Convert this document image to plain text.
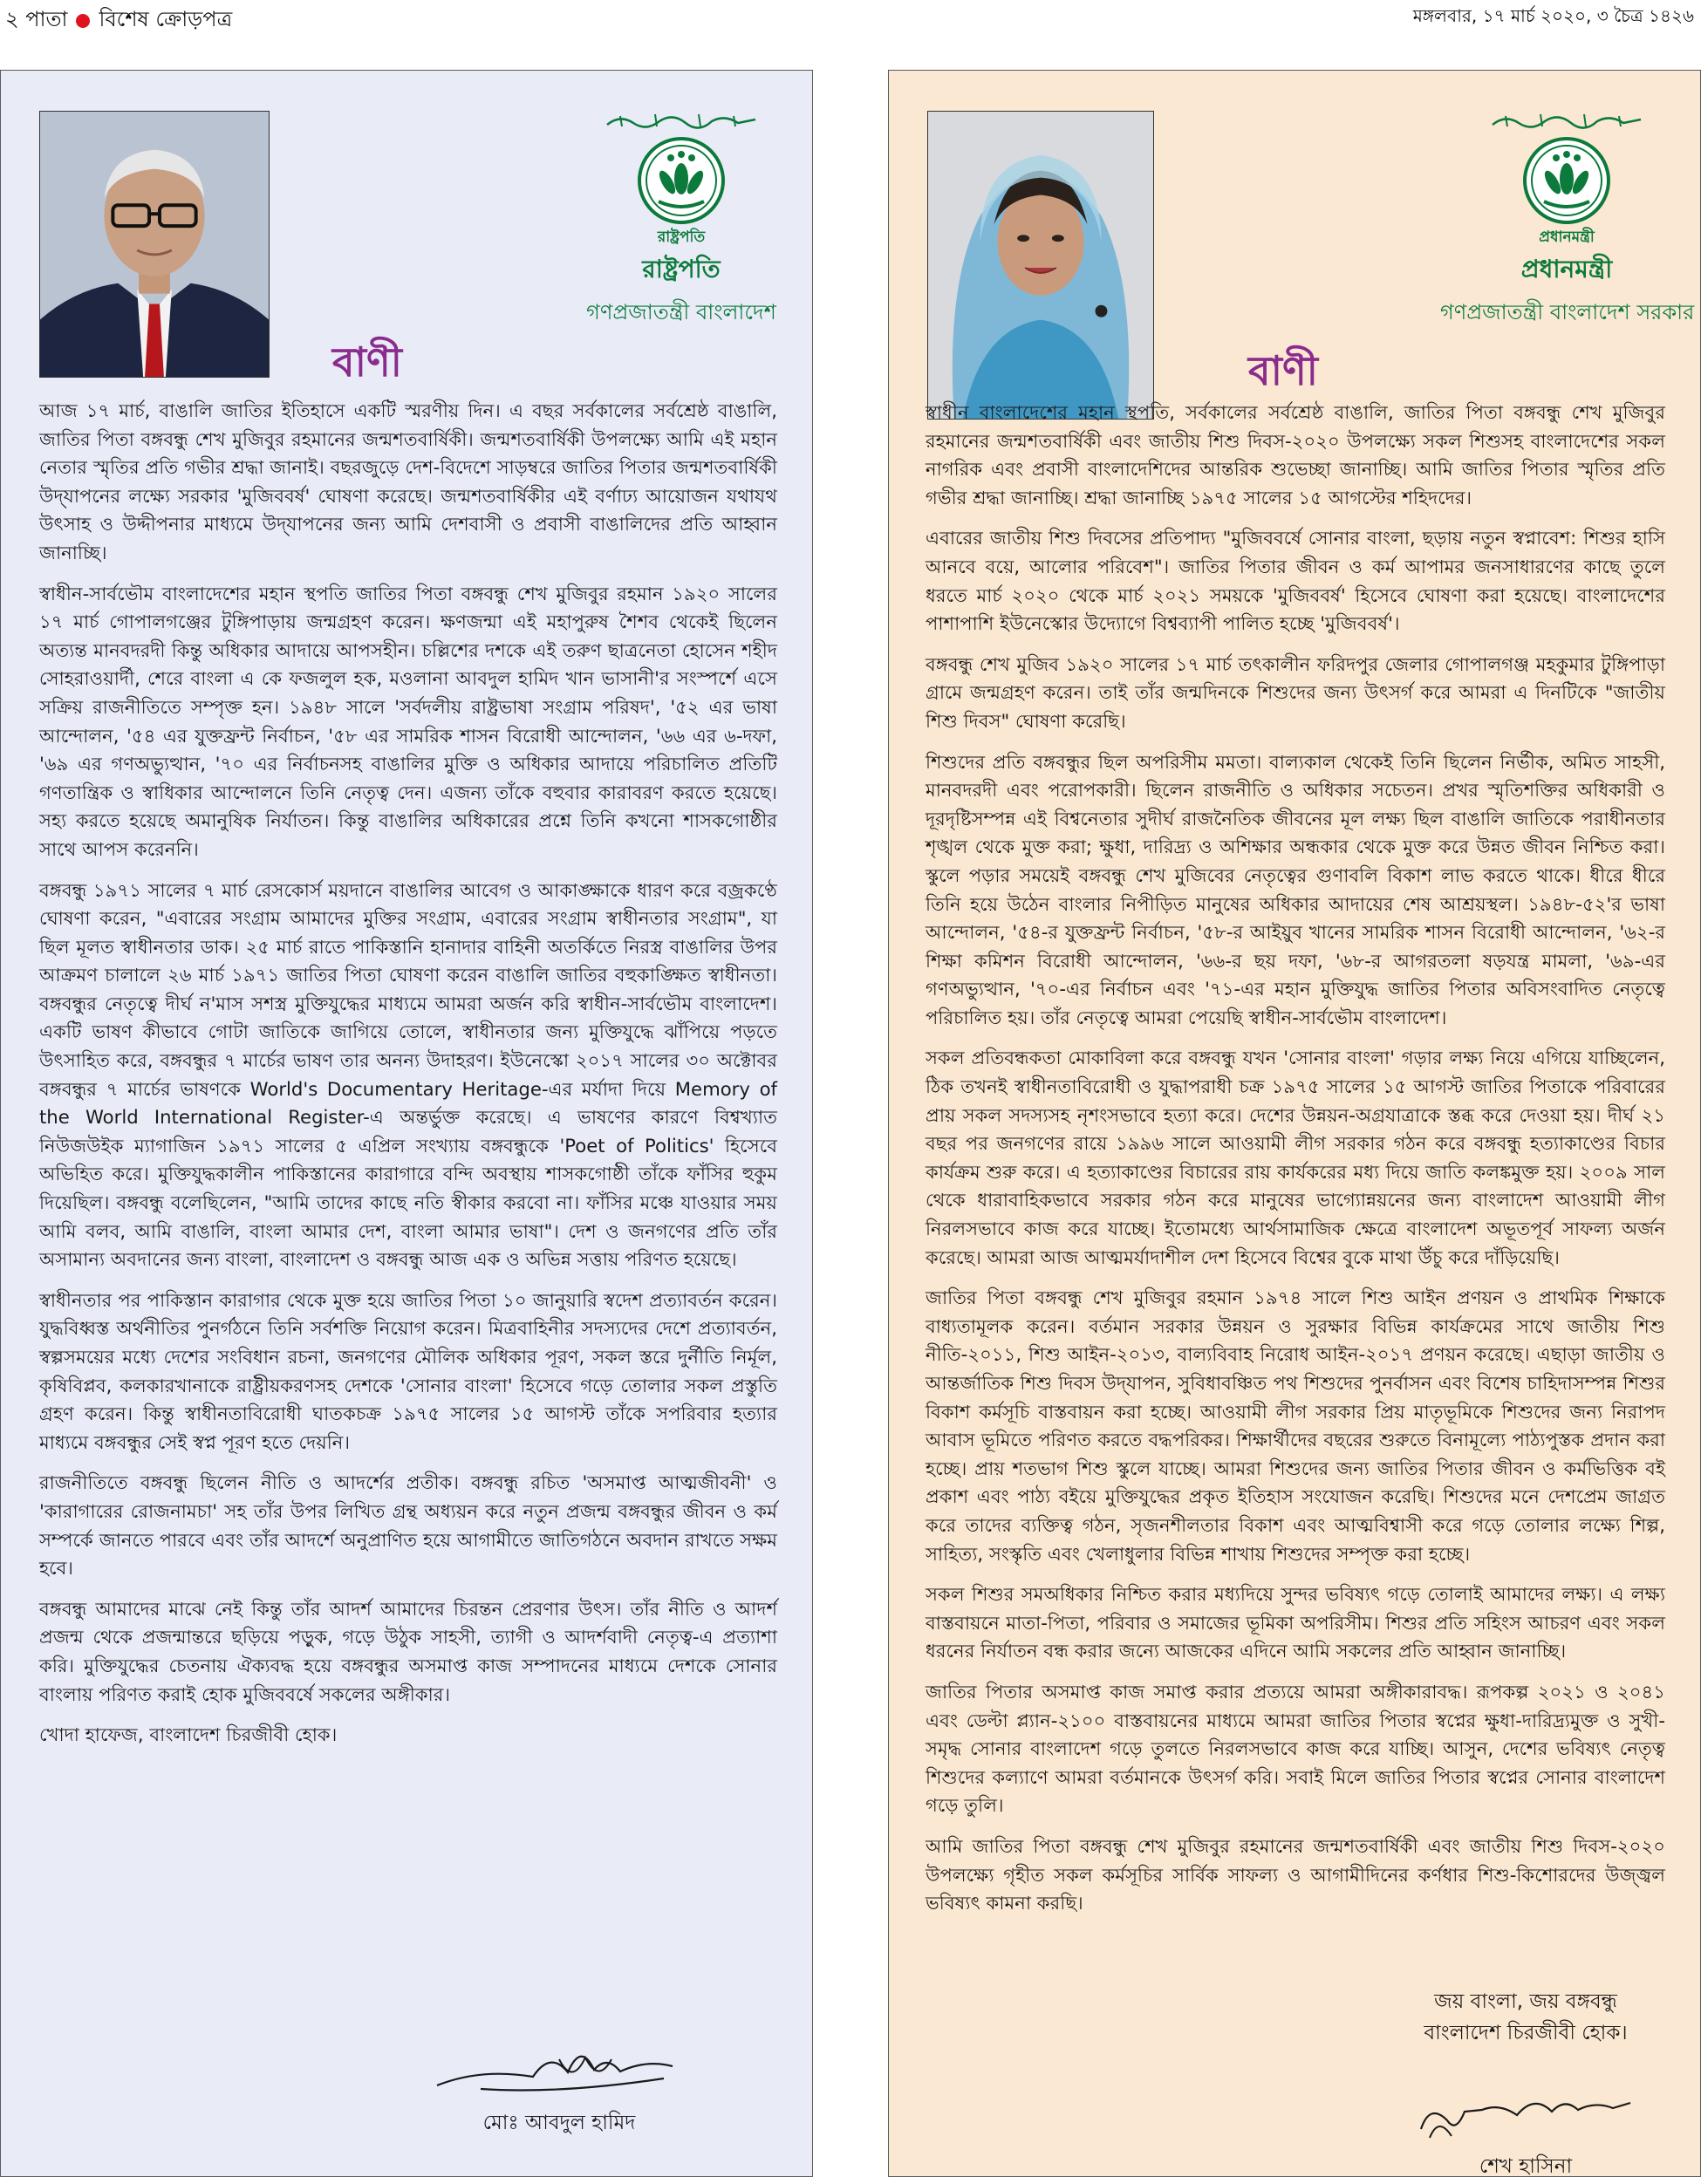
২ পাতা বিশেষ ক্রোড়পত্র	মঙ্গলবার, ১৭ মার্চ ২০২০, ৩ চৈত্র ১৪২৬
রাষ্ট্রপতি
রাষ্ট্রপতি
গণপ্রজাতন্ত্রী বাংলাদেশ
বাণী

আজ ১৭ মার্চ, বাঙালি জাতির ইতিহাসে একটি স্মরণীয় দিন। এ বছর সর্বকালের সর্বশ্রেষ্ঠ বাঙালি, জাতির পিতা বঙ্গবন্ধু শেখ মুজিবুর রহমানের জন্মশতবার্ষিকী। জন্মশতবার্ষিকী উপলক্ষ্যে আমি এই মহান নেতার স্মৃতির প্রতি গভীর শ্রদ্ধা জানাই। বছরজুড়ে দেশ-বিদেশে সাড়ম্বরে জাতির পিতার জন্মশতবার্ষিকী উদ্‌যাপনের লক্ষ্যে সরকার 'মুজিববর্ষ' ঘোষণা করেছে। জন্মশতবার্ষিকীর এই বর্ণাঢ্য আয়োজন যথাযথ উৎসাহ ও উদ্দীপনার মাধ্যমে উদ্‌যাপনের জন্য আমি দেশবাসী ও প্রবাসী বাঙালিদের প্রতি আহ্বান জানাচ্ছি।

স্বাধীন-সার্বভৌম বাংলাদেশের মহান স্থপতি জাতির পিতা বঙ্গবন্ধু শেখ মুজিবুর রহমান ১৯২০ সালের ১৭ মার্চ গোপালগঞ্জের টুঙ্গিপাড়ায় জন্মগ্রহণ করেন। ক্ষণজন্মা এই মহাপুরুষ শৈশব থেকেই ছিলেন অত্যন্ত মানবদরদী কিন্তু অধিকার আদায়ে আপসহীন। চল্লিশের দশকে এই তরুণ ছাত্রনেতা হোসেন শহীদ সোহরাওয়ার্দী, শেরে বাংলা এ কে ফজলুল হক, মওলানা আবদুল হামিদ খান ভাসানী'র সংস্পর্শে এসে সক্রিয় রাজনীতিতে সম্পৃক্ত হন। ১৯৪৮ সালে 'সর্বদলীয় রাষ্ট্রভাষা সংগ্রাম পরিষদ', '৫২ এর ভাষা আন্দোলন, '৫৪ এর যুক্তফ্রন্ট নির্বাচন, '৫৮ এর সামরিক শাসন বিরোধী আন্দোলন, '৬৬ এর ৬-দফা, '৬৯ এর গণঅভ্যুত্থান, '৭০ এর নির্বাচনসহ বাঙালির মুক্তি ও অধিকার আদায়ে পরিচালিত প্রতিটি গণতান্ত্রিক ও স্বাধিকার আন্দোলনে তিনি নেতৃত্ব দেন। এজন্য তাঁকে বহুবার কারাবরণ করতে হয়েছে। সহ্য করতে হয়েছে অমানুষিক নির্যাতন। কিন্তু বাঙালির অধিকারের প্রশ্নে তিনি কখনো শাসকগোষ্ঠীর সাথে আপস করেননি।

বঙ্গবন্ধু ১৯৭১ সালের ৭ মার্চ রেসকোর্স ময়দানে বাঙালির আবেগ ও আকাঙ্ক্ষাকে ধারণ করে বজ্রকণ্ঠে ঘোষণা করেন, "এবারের সংগ্রাম আমাদের মুক্তির সংগ্রাম, এবারের সংগ্রাম স্বাধীনতার সংগ্রাম", যা ছিল মূলত স্বাধীনতার ডাক। ২৫ মার্চ রাতে পাকিস্তানি হানাদার বাহিনী অতর্কিতে নিরস্ত্র বাঙালির উপর আক্রমণ চালালে ২৬ মার্চ ১৯৭১ জাতির পিতা ঘোষণা করেন বাঙালি জাতির বহুকাঙ্ক্ষিত স্বাধীনতা। বঙ্গবন্ধুর নেতৃত্বে দীর্ঘ ন'মাস সশস্ত্র মুক্তিযুদ্ধের মাধ্যমে আমরা অর্জন করি স্বাধীন-সার্বভৌম বাংলাদেশ। একটি ভাষণ কীভাবে গোটা জাতিকে জাগিয়ে তোলে, স্বাধীনতার জন্য মুক্তিযুদ্ধে ঝাঁপিয়ে পড়তে উৎসাহিত করে, বঙ্গবন্ধুর ৭ মার্চের ভাষণ তার অনন্য উদাহরণ। ইউনেস্কো ২০১৭ সালের ৩০ অক্টোবর বঙ্গবন্ধুর ৭ মার্চের ভাষণকে World's Documentary Heritage-এর মর্যাদা দিয়ে Memory of the World International Register-এ অন্তর্ভুক্ত করেছে। এ ভাষণের কারণে বিশ্বখ্যাত নিউজউইক ম্যাগাজিন ১৯৭১ সালের ৫ এপ্রিল সংখ্যায় বঙ্গবন্ধুকে 'Poet of Politics' হিসেবে অভিহিত করে। মুক্তিযুদ্ধকালীন পাকিস্তানের কারাগারে বন্দি অবস্থায় শাসকগোষ্ঠী তাঁকে ফাঁসির হুকুম দিয়েছিল। বঙ্গবন্ধু বলেছিলেন, "আমি তাদের কাছে নতি স্বীকার করবো না। ফাঁসির মঞ্চে যাওয়ার সময় আমি বলব, আমি বাঙালি, বাংলা আমার দেশ, বাংলা আমার ভাষা"। দেশ ও জনগণের প্রতি তাঁর অসামান্য অবদানের জন্য বাংলা, বাংলাদেশ ও বঙ্গবন্ধু আজ এক ও অভিন্ন সত্তায় পরিণত হয়েছে।

স্বাধীনতার পর পাকিস্তান কারাগার থেকে মুক্ত হয়ে জাতির পিতা ১০ জানুয়ারি স্বদেশ প্রত্যাবর্তন করেন। যুদ্ধবিধ্বস্ত অর্থনীতির পুনর্গঠনে তিনি সর্বশক্তি নিয়োগ করেন। মিত্রবাহিনীর সদস্যদের দেশে প্রত্যাবর্তন, স্বল্পসময়ের মধ্যে দেশের সংবিধান রচনা, জনগণের মৌলিক অধিকার পূরণ, সকল স্তরে দুর্নীতি নির্মূল, কৃষিবিপ্লব, কলকারখানাকে রাষ্ট্রীয়করণসহ দেশকে 'সোনার বাংলা' হিসেবে গড়ে তোলার সকল প্রস্তুতি গ্রহণ করেন। কিন্তু স্বাধীনতাবিরোধী ঘাতকচক্র ১৯৭৫ সালের ১৫ আগস্ট তাঁকে সপরিবার হত্যার মাধ্যমে বঙ্গবন্ধুর সেই স্বপ্ন পূরণ হতে দেয়নি।

রাজনীতিতে বঙ্গবন্ধু ছিলেন নীতি ও আদর্শের প্রতীক। বঙ্গবন্ধু রচিত 'অসমাপ্ত আত্মজীবনী' ও 'কারাগারের রোজনামচা' সহ তাঁর উপর লিখিত গ্রন্থ অধ্যয়ন করে নতুন প্রজন্ম বঙ্গবন্ধুর জীবন ও কর্ম সম্পর্কে জানতে পারবে এবং তাঁর আদর্শে অনুপ্রাণিত হয়ে আগামীতে জাতিগঠনে অবদান রাখতে সক্ষম হবে।

বঙ্গবন্ধু আমাদের মাঝে নেই কিন্তু তাঁর আদর্শ আমাদের চিরন্তন প্রেরণার উৎস। তাঁর নীতি ও আদর্শ প্রজন্ম থেকে প্রজন্মান্তরে ছড়িয়ে পড়ুক, গড়ে উঠুক সাহসী, ত্যাগী ও আদর্শবাদী নেতৃত্ব-এ প্রত্যাশা করি। মুক্তিযুদ্ধের চেতনায় ঐক্যবদ্ধ হয়ে বঙ্গবন্ধুর অসমাপ্ত কাজ সম্পাদনের মাধ্যমে দেশকে সোনার বাংলায় পরিণত করাই হোক মুজিববর্ষে সকলের অঙ্গীকার।

খোদা হাফেজ, বাংলাদেশ চিরজীবী হোক।

মোঃ আবদুল হামিদ
প্রধানমন্ত্রী
প্রধানমন্ত্রী
গণপ্রজাতন্ত্রী বাংলাদেশ সরকার
বাণী

স্বাধীন বাংলাদেশের মহান স্থপতি, সর্বকালের সর্বশ্রেষ্ঠ বাঙালি, জাতির পিতা বঙ্গবন্ধু শেখ মুজিবুর রহমানের জন্মশতবার্ষিকী এবং জাতীয় শিশু দিবস-২০২০ উপলক্ষ্যে সকল শিশুসহ বাংলাদেশের সকল নাগরিক এবং প্রবাসী বাংলাদেশিদের আন্তরিক শুভেচ্ছা জানাচ্ছি। আমি জাতির পিতার স্মৃতির প্রতি গভীর শ্রদ্ধা জানাচ্ছি। শ্রদ্ধা জানাচ্ছি ১৯৭৫ সালের ১৫ আগস্টের শহিদদের।

এবারের জাতীয় শিশু দিবসের প্রতিপাদ্য "মুজিববর্ষে সোনার বাংলা, ছড়ায় নতুন স্বপ্নাবেশ: শিশুর হাসি আনবে বয়ে, আলোর পরিবেশ"। জাতির পিতার জীবন ও কর্ম আপামর জনসাধারণের কাছে তুলে ধরতে মার্চ ২০২০ থেকে মার্চ ২০২১ সময়কে 'মুজিববর্ষ' হিসেবে ঘোষণা করা হয়েছে। বাংলাদেশের পাশাপাশি ইউনেস্কোর উদ্যোগে বিশ্বব্যাপী পালিত হচ্ছে 'মুজিববর্ষ'।

বঙ্গবন্ধু শেখ মুজিব ১৯২০ সালের ১৭ মার্চ তৎকালীন ফরিদপুর জেলার গোপালগঞ্জ মহকুমার টুঙ্গিপাড়া গ্রামে জন্মগ্রহণ করেন। তাই তাঁর জন্মদিনকে শিশুদের জন্য উৎসর্গ করে আমরা এ দিনটিকে "জাতীয় শিশু দিবস" ঘোষণা করেছি।

শিশুদের প্রতি বঙ্গবন্ধুর ছিল অপরিসীম মমতা। বাল্যকাল থেকেই তিনি ছিলেন নির্ভীক, অমিত সাহসী, মানবদরদী এবং পরোপকারী। ছিলেন রাজনীতি ও অধিকার সচেতন। প্রখর স্মৃতিশক্তির অধিকারী ও দূরদৃষ্টিসম্পন্ন এই বিশ্বনেতার সুদীর্ঘ রাজনৈতিক জীবনের মূল লক্ষ্য ছিল বাঙালি জাতিকে পরাধীনতার শৃঙ্খল থেকে মুক্ত করা; ক্ষুধা, দারিদ্র্য ও অশিক্ষার অন্ধকার থেকে মুক্ত করে উন্নত জীবন নিশ্চিত করা। স্কুলে পড়ার সময়েই বঙ্গবন্ধু শেখ মুজিবের নেতৃত্বের গুণাবলি বিকাশ লাভ করতে থাকে। ধীরে ধীরে তিনি হয়ে উঠেন বাংলার নিপীড়িত মানুষের অধিকার আদায়ের শেষ আশ্রয়স্থল। ১৯৪৮-৫২'র ভাষা আন্দোলন, '৫৪-র যুক্তফ্রন্ট নির্বাচন, '৫৮-র আইয়ুব খানের সামরিক শাসন বিরোধী আন্দোলন, '৬২-র শিক্ষা কমিশন বিরোধী আন্দোলন, '৬৬-র ছয় দফা, '৬৮-র আগরতলা ষড়যন্ত্র মামলা, '৬৯-এর গণঅভ্যুত্থান, '৭০-এর নির্বাচন এবং '৭১-এর মহান মুক্তিযুদ্ধ জাতির পিতার অবিসংবাদিত নেতৃত্বে পরিচালিত হয়। তাঁর নেতৃত্বে আমরা পেয়েছি স্বাধীন-সার্বভৌম বাংলাদেশ।

সকল প্রতিবন্ধকতা মোকাবিলা করে বঙ্গবন্ধু যখন 'সোনার বাংলা' গড়ার লক্ষ্য নিয়ে এগিয়ে যাচ্ছিলেন, ঠিক তখনই স্বাধীনতাবিরোধী ও যুদ্ধাপরাধী চক্র ১৯৭৫ সালের ১৫ আগস্ট জাতির পিতাকে পরিবারের প্রায় সকল সদস্যসহ নৃশংসভাবে হত্যা করে। দেশের উন্নয়ন-অগ্রযাত্রাকে স্তব্ধ করে দেওয়া হয়। দীর্ঘ ২১ বছর পর জনগণের রায়ে ১৯৯৬ সালে আওয়ামী লীগ সরকার গঠন করে বঙ্গবন্ধু হত্যাকাণ্ডের বিচার কার্যক্রম শুরু করে। এ হত্যাকাণ্ডের বিচারের রায় কার্যকরের মধ্য দিয়ে জাতি কলঙ্কমুক্ত হয়। ২০০৯ সাল থেকে ধারাবাহিকভাবে সরকার গঠন করে মানুষের ভাগ্যোন্নয়নের জন্য বাংলাদেশ আওয়ামী লীগ নিরলসভাবে কাজ করে যাচ্ছে। ইতোমধ্যে আর্থসামাজিক ক্ষেত্রে বাংলাদেশ অভূতপূর্ব সাফল্য অর্জন করেছে। আমরা আজ আত্মমর্যাদাশীল দেশ হিসেবে বিশ্বের বুকে মাথা উঁচু করে দাঁড়িয়েছি।

জাতির পিতা বঙ্গবন্ধু শেখ মুজিবুর রহমান ১৯৭৪ সালে শিশু আইন প্রণয়ন ও প্রাথমিক শিক্ষাকে বাধ্যতামূলক করেন। বর্তমান সরকার উন্নয়ন ও সুরক্ষার বিভিন্ন কার্যক্রমের সাথে জাতীয় শিশু নীতি-২০১১, শিশু আইন-২০১৩, বাল্যবিবাহ নিরোধ আইন-২০১৭ প্রণয়ন করেছে। এছাড়া জাতীয় ও আন্তর্জাতিক শিশু দিবস উদ্‌যাপন, সুবিধাবঞ্চিত পথ শিশুদের পুনর্বাসন এবং বিশেষ চাহিদাসম্পন্ন শিশুর বিকাশ কর্মসূচি বাস্তবায়ন করা হচ্ছে। আওয়ামী লীগ সরকার প্রিয় মাতৃভূমিকে শিশুদের জন্য নিরাপদ আবাস ভূমিতে পরিণত করতে বদ্ধপরিকর। শিক্ষার্থীদের বছরের শুরুতে বিনামূল্যে পাঠ্যপুস্তক প্রদান করা হচ্ছে। প্রায় শতভাগ শিশু স্কুলে যাচ্ছে। আমরা শিশুদের জন্য জাতির পিতার জীবন ও কর্মভিত্তিক বই প্রকাশ এবং পাঠ্য বইয়ে মুক্তিযুদ্ধের প্রকৃত ইতিহাস সংযোজন করেছি। শিশুদের মনে দেশপ্রেম জাগ্রত করে তাদের ব্যক্তিত্ব গঠন, সৃজনশীলতার বিকাশ এবং আত্মবিশ্বাসী করে গড়ে তোলার লক্ষ্যে শিল্প, সাহিত্য, সংস্কৃতি এবং খেলাধুলার বিভিন্ন শাখায় শিশুদের সম্পৃক্ত করা হচ্ছে।

সকল শিশুর সমঅধিকার নিশ্চিত করার মধ্যদিয়ে সুন্দর ভবিষ্যৎ গড়ে তোলাই আমাদের লক্ষ্য। এ লক্ষ্য বাস্তবায়নে মাতা-পিতা, পরিবার ও সমাজের ভূমিকা অপরিসীম। শিশুর প্রতি সহিংস আচরণ এবং সকল ধরনের নির্যাতন বন্ধ করার জন্যে আজকের এদিনে আমি সকলের প্রতি আহ্বান জানাচ্ছি।

জাতির পিতার অসমাপ্ত কাজ সমাপ্ত করার প্রত্যয়ে আমরা অঙ্গীকারাবদ্ধ। রূপকল্প ২০২১ ও ২০৪১ এবং ডেল্টা প্ল্যান-২১০০ বাস্তবায়নের মাধ্যমে আমরা জাতির পিতার স্বপ্নের ক্ষুধা-দারিদ্র্যমুক্ত ও সুখী-সমৃদ্ধ সোনার বাংলাদেশ গড়ে তুলতে নিরলসভাবে কাজ করে যাচ্ছি। আসুন, দেশের ভবিষ্যৎ নেতৃত্ব শিশুদের কল্যাণে আমরা বর্তমানকে উৎসর্গ করি। সবাই মিলে জাতির পিতার স্বপ্নের সোনার বাংলাদেশ গড়ে তুলি।

আমি জাতির পিতা বঙ্গবন্ধু শেখ মুজিবুর রহমানের জন্মশতবার্ষিকী এবং জাতীয় শিশু দিবস-২০২০ উপলক্ষ্যে গৃহীত সকল কর্মসূচির সার্বিক সাফল্য ও আগামীদিনের কর্ণধার শিশু-কিশোরদের উজ্জ্বল ভবিষ্যৎ কামনা করছি।

জয় বাংলা, জয় বঙ্গবন্ধু
বাংলাদেশ চিরজীবী হোক।
শেখ হাসিনা
